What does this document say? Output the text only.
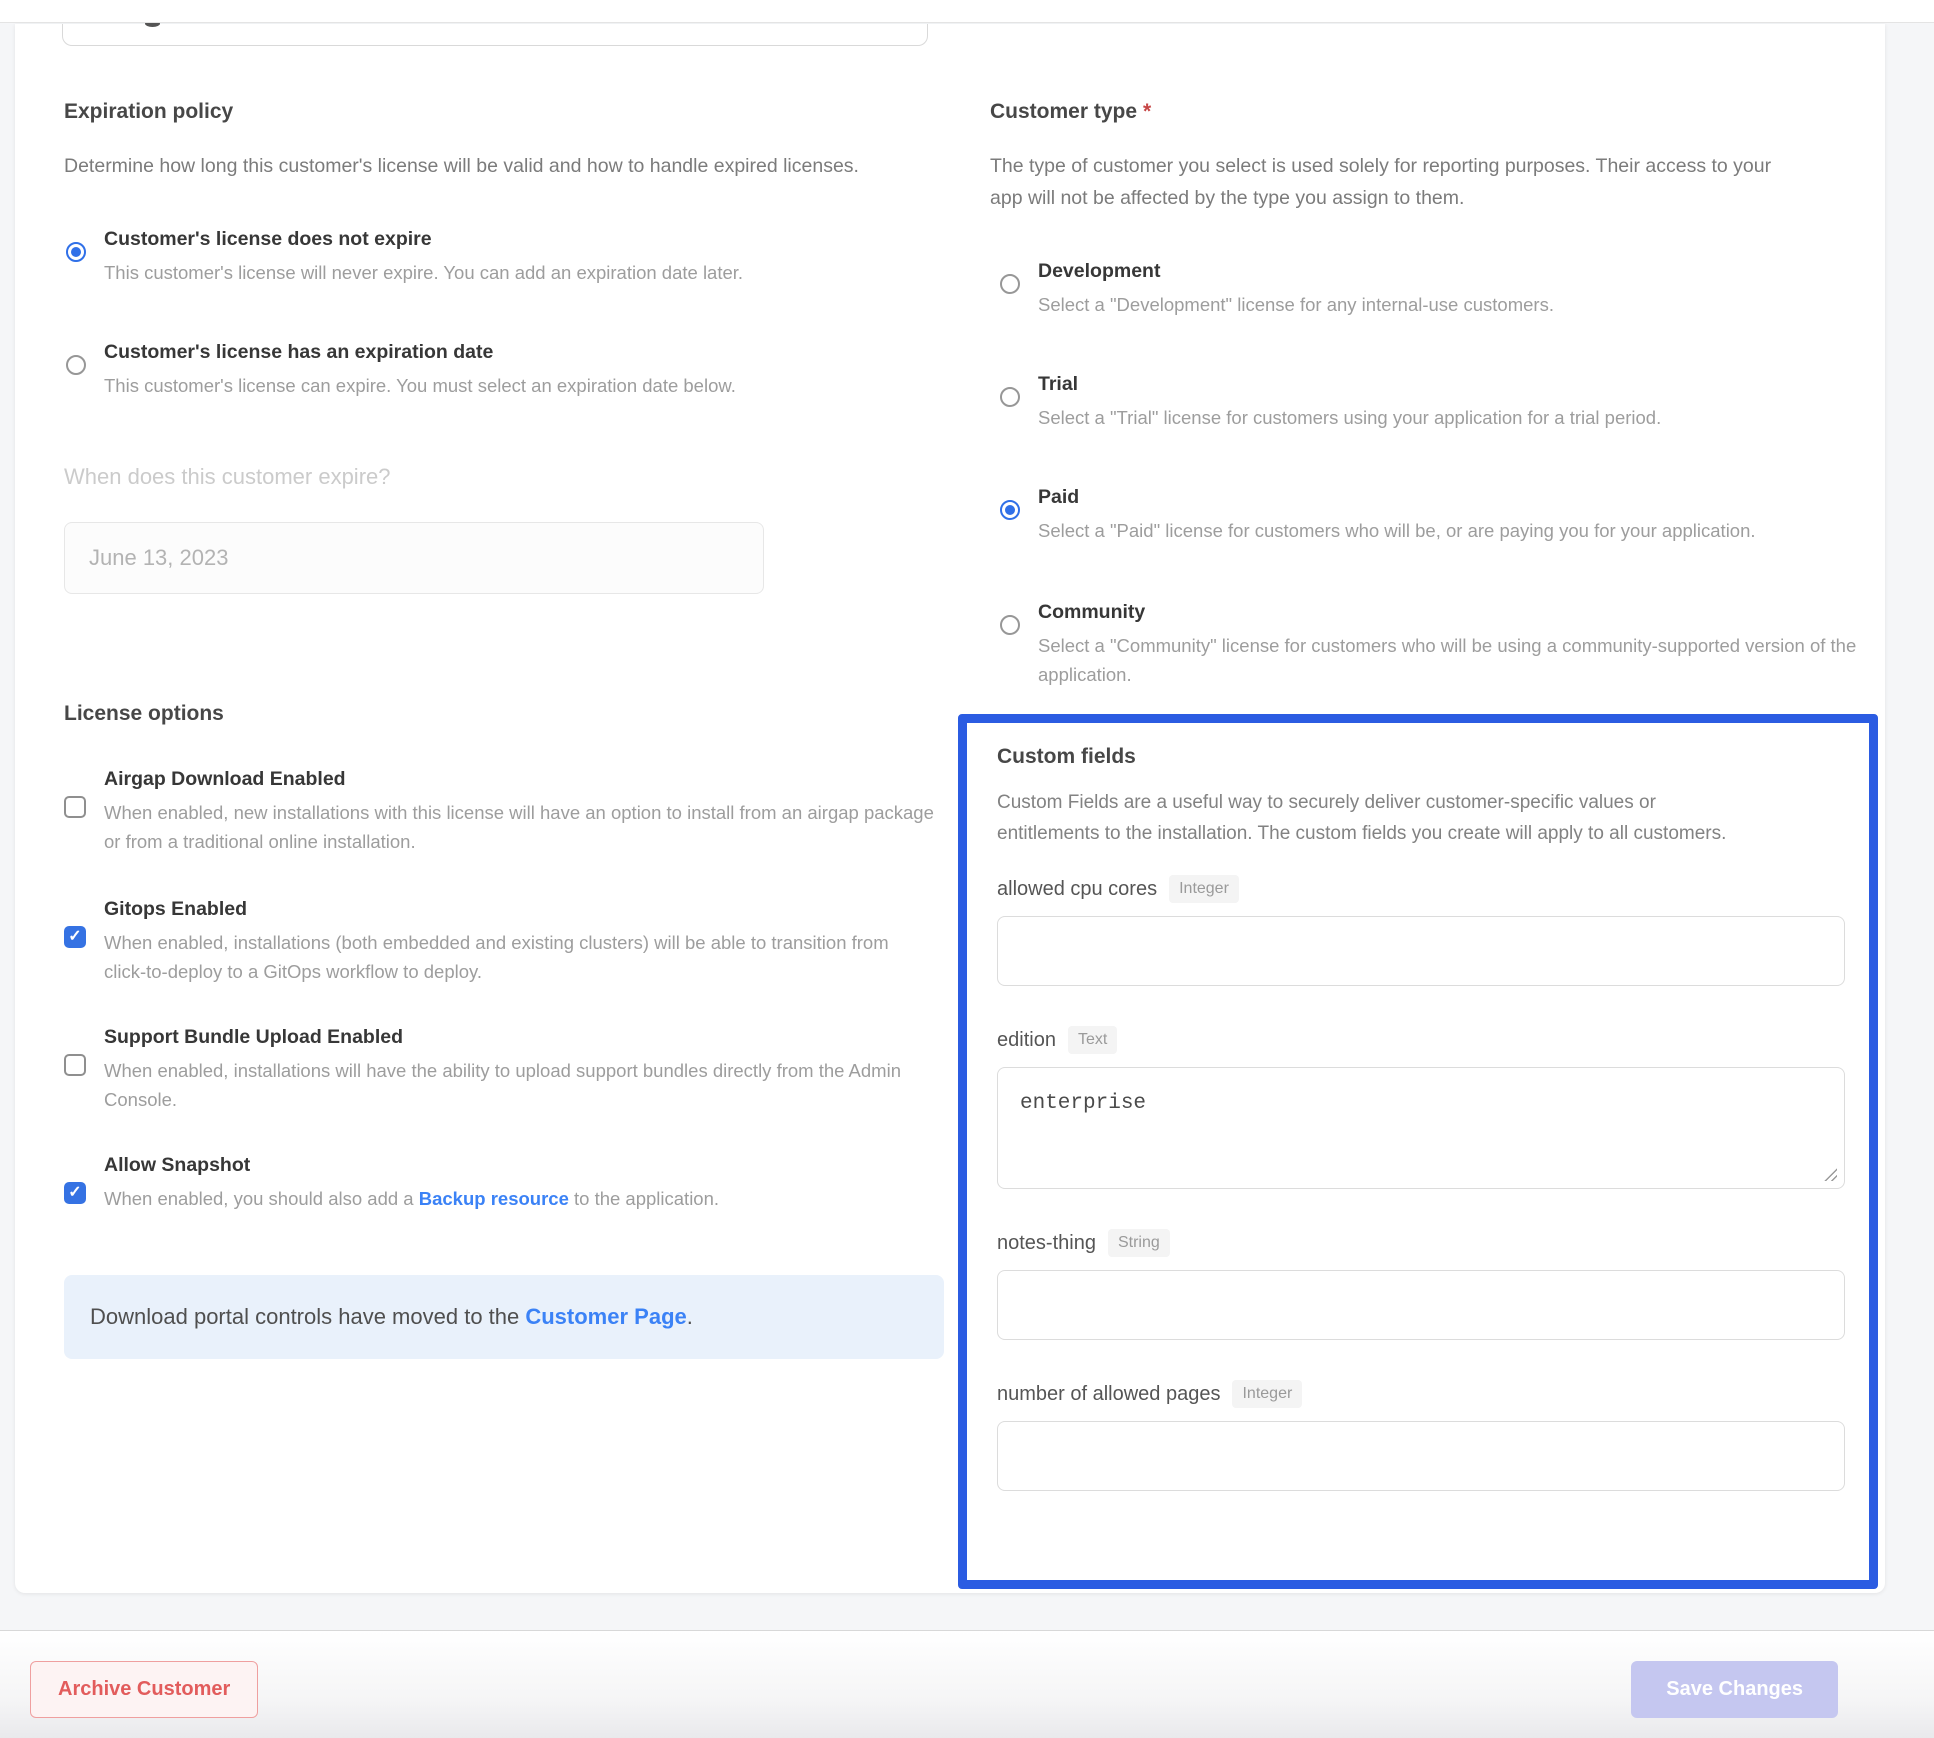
Expiration policy
Determine how long this customer's license will be valid and how to handle expired licenses.
Customer's license does not expire
This customer's license will never expire. You can add an expiration date later.
Customer's license has an expiration date
This customer's license can expire. You must select an expiration date below.
When does this customer expire?
June 13, 2023
License options
Airgap Download Enabled
When enabled, new installations with this license will have an option to install from an airgap package or from a traditional online installation.
✓
Gitops Enabled
When enabled, installations (both embedded and existing clusters) will be able to transition from click-to-deploy to a GitOps workflow to deploy.
Support Bundle Upload Enabled
When enabled, installations will have the ability to upload support bundles directly from the Admin Console.
✓
Allow Snapshot
When enabled, you should also add a Backup resource to the application.
Download portal controls have moved to the Customer Page.
Customer type *
The type of customer you select is used solely for reporting purposes. Their access to your app will not be affected by the type you assign to them.
Development
Select a "Development" license for any internal-use customers.
Trial
Select a "Trial" license for customers using your application for a trial period.
Paid
Select a "Paid" license for customers who will be, or are paying you for your application.
Community
Select a "Community" license for customers who will be using a community-supported version of the application.
Custom fields
Custom Fields are a useful way to securely deliver customer-specific values or entitlements to the installation. The custom fields you create will apply to all customers.
allowed cpu cores	Integer
edition	Text
enterprise
notes-thing	String
number of allowed pages	Integer
Archive Customer	Save Changes
